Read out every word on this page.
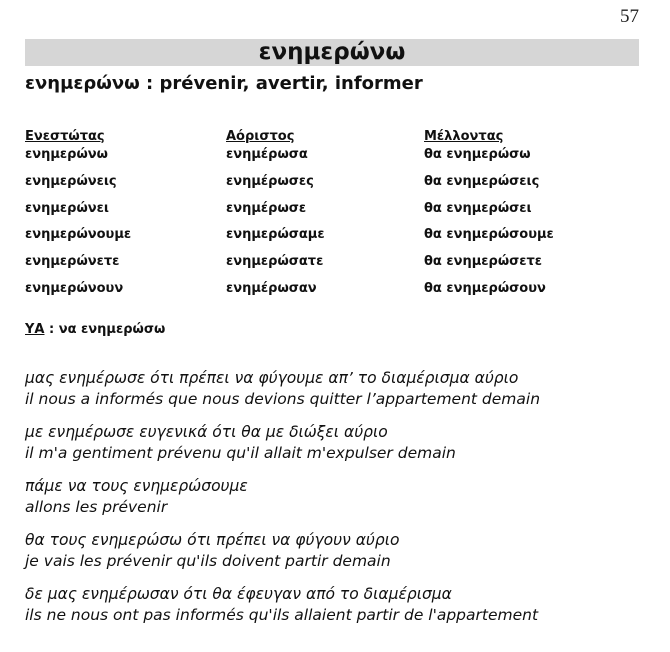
57
ενημερώνω
ενημερώνω : prévenir, avertir, informer
Ενεστώτας
ενημερώνω
ενημερώνεις
ενημερώνει
ενημερώνουμε
ενημερώνετε
ενημερώνουν
Αόριστος
ενημέρωσα
ενημέρωσες
ενημέρωσε
ενημερώσαμε
ενημερώσατε
ενημέρωσαν
Μέλλοντας
θα ενημερώσω
θα ενημερώσεις
θα ενημερώσει
θα ενημερώσουμε
θα ενημερώσετε
θα ενημερώσουν
ΥΑ : να ενημερώσω
μας ενημέρωσε ότι πρέπει να φύγουμε απ’ το διαμέρισμα αύριο
il nous a informés que nous devions quitter l’appartement demain
με ενημέρωσε ευγενικά ότι θα με διώξει αύριο
il m'a gentiment prévenu qu'il allait m'expulser demain
πάμε να τους ενημερώσουμε
allons les prévenir
θα τους ενημερώσω ότι πρέπει να φύγουν αύριο
je vais les prévenir qu'ils doivent partir demain
δε μας ενημέρωσαν ότι θα έφευγαν από το διαμέρισμα
ils ne nous ont pas informés qu'ils allaient partir de l'appartement
